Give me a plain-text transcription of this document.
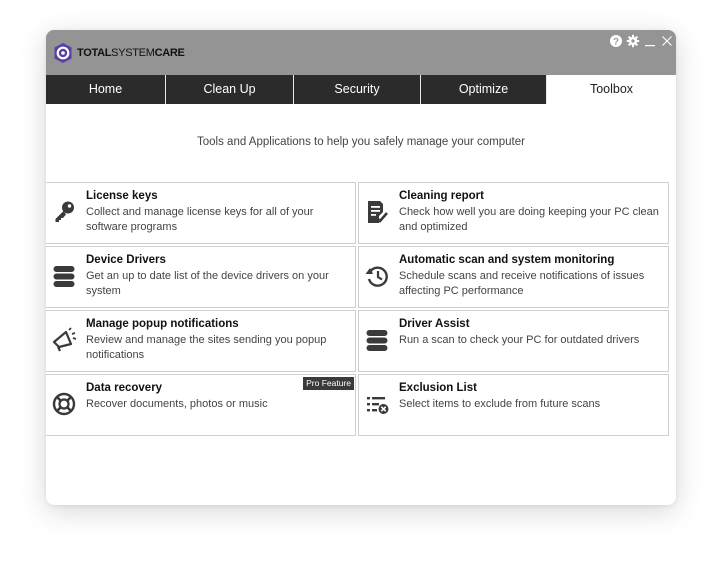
TOTALSYSTEMCARE
?
Home	Clean Up	Security	Optimize	Toolbox
Tools and Applications to help you safely manage your computer
License keys
Collect and manage license keys for all of your software programs
Cleaning report
Check how well you are doing keeping your PC clean and optimized
Device Drivers
Get an up to date list of the device drivers on your system
Automatic scan and system monitoring
Schedule scans and receive notifications of issues affecting PC performance
Manage popup notifications
Review and manage the sites sending you popup notifications
Driver Assist
Run a scan to check your PC for outdated drivers
Pro Feature
Data recovery
Recover documents, photos or music
Exclusion List
Select items to exclude from future scans
